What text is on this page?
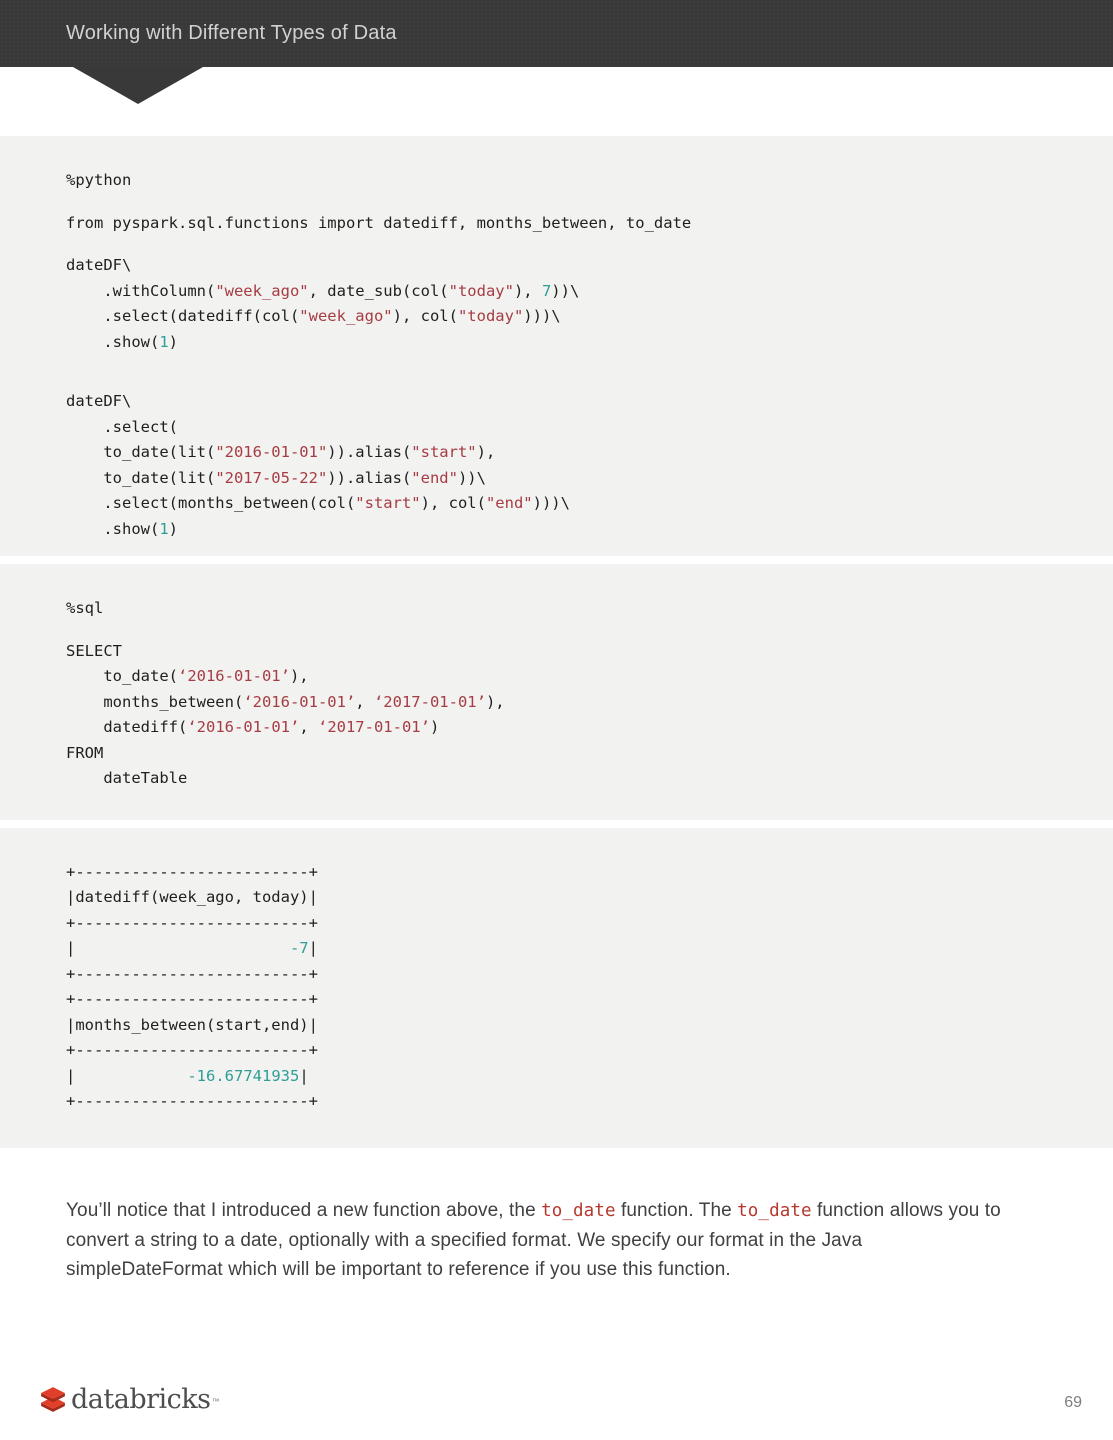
Working with Different Types of Data
%python
from pyspark.sql.functions import datediff, months_between, to_date
dateDF\
.withColumn("week_ago", date_sub(col("today"), 7))\
.select(datediff(col("week_ago"), col("today")))\
.show(1)
dateDF\
.select(
to_date(lit("2016-01-01")).alias("start"),
to_date(lit("2017-05-22")).alias("end"))\
.select(months_between(col("start"), col("end")))\
.show(1)
%sql
SELECT
to_date(‘2016-01-01’),
months_between(‘2016-01-01’, ‘2017-01-01’),
datediff(‘2016-01-01’, ‘2017-01-01’)
FROM
dateTable
+-------------------------+
|datediff(week_ago, today)|
+-------------------------+
|                       -7|
+-------------------------+
+-------------------------+
|months_between(start,end)|
+-------------------------+
|            -16.67741935|
+-------------------------+

You’ll notice that I introduced a new function above, the to_date function. The to_date function allows you to convert a string to a date, optionally with a specified format. We specify our format in the Java simpleDateFormat which will be important to reference if you use this function.

databricks ™	69
